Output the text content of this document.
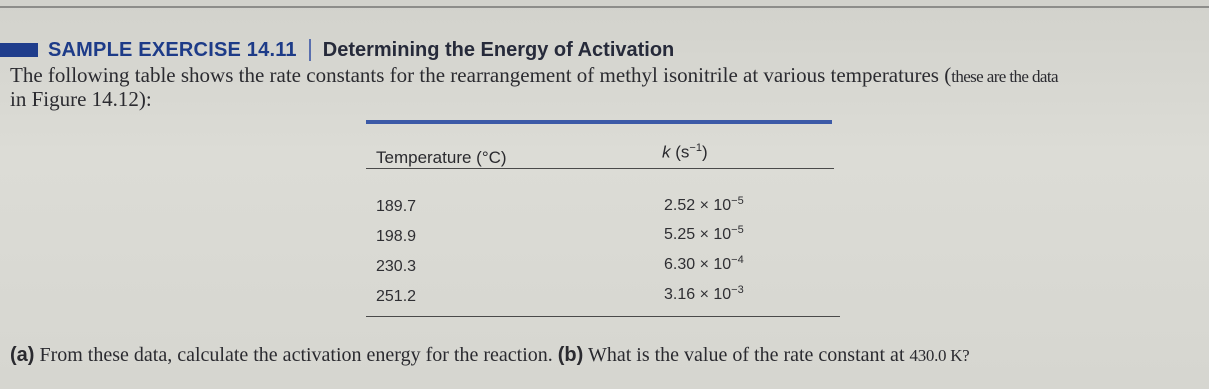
SAMPLE EXERCISE 14.11 Determining the Energy of Activation
The following table shows the rate constants for the rearrangement of methyl isonitrile at various temperatures (these are the data
in Figure 14.12):
Temperature (°C)	k $(s^{-1})$
189.7	$2.52 \times 10^{-5}$
198.9	$5.25 \times 10^{-5}$
230.3	$6.30 \times 10^{-4}$
251.2	$3.16 \times 10^{-3}$
(a) From these data, calculate the activation energy for the reaction. (b) What is the value of the rate constant at 430.0 K?
